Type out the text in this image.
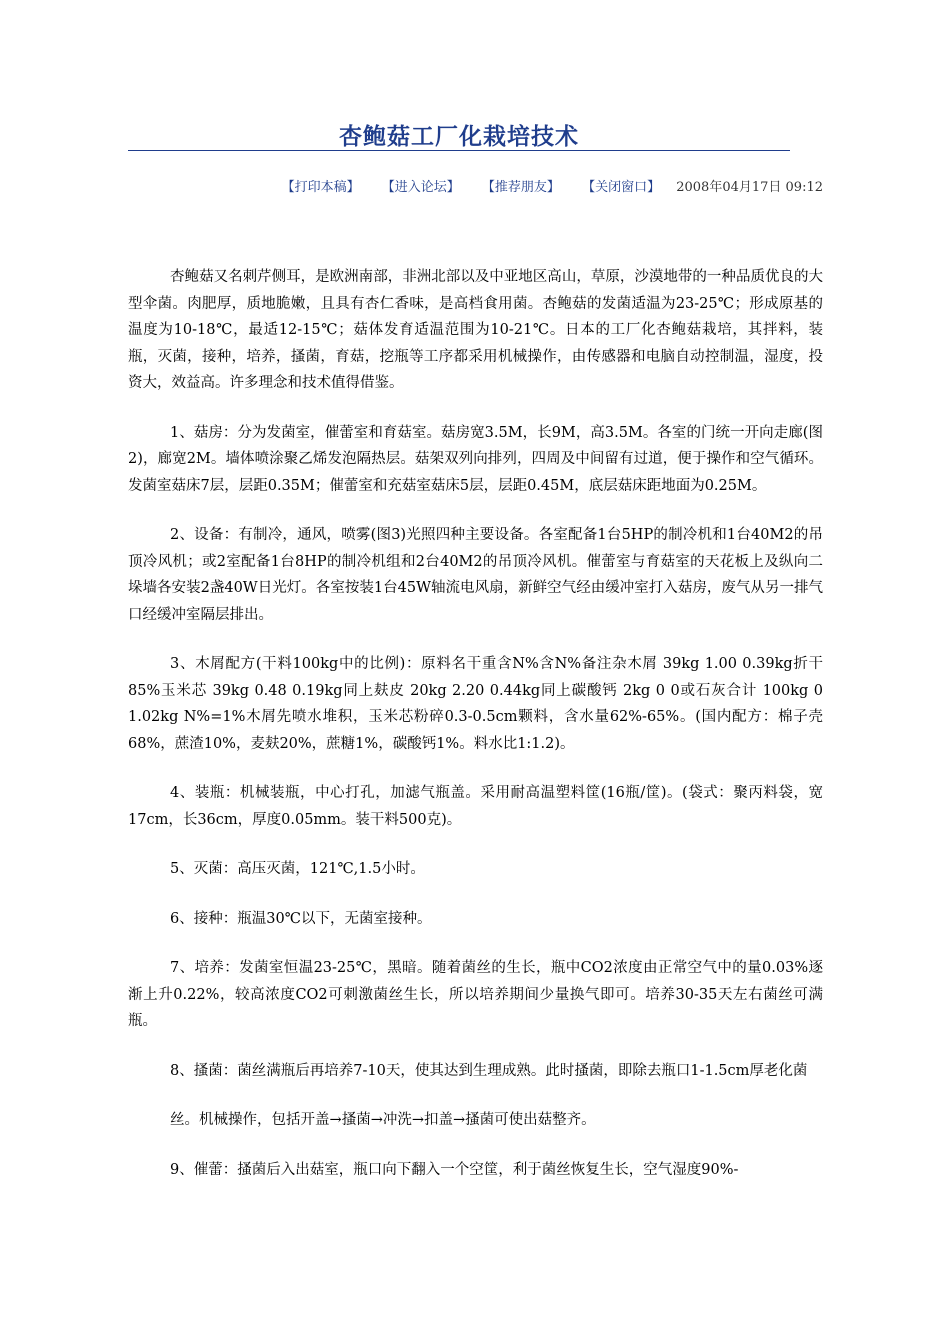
杏鲍菇工厂化栽培技术
【打印本稿】 【进入论坛】 【推荐朋友】 【关闭窗口】 2008年04月17日 09:12

杏鲍菇又名刺芹侧耳，是欧洲南部，非洲北部以及中亚地区高山，草原，沙漠地带的一种品质优良的大型伞菌。肉肥厚，质地脆嫩，且具有杏仁香味，是高档食用菌。杏鲍菇的发菌适温为23-25℃；形成原基的温度为10-18℃，最适12-15℃；菇体发育适温范围为10-21℃。日本的工厂化杏鲍菇栽培，其拌料，装瓶，灭菌，接种，培养，搔菌，育菇，挖瓶等工序都采用机械操作，由传感器和电脑自动控制温，湿度，投资大，效益高。许多理念和技术值得借鉴。

1、菇房：分为发菌室，催蕾室和育菇室。菇房宽3.5M，长9M，高3.5M。各室的门统一开向走廊(图2)，廊宽2M。墙体喷涂聚乙烯发泡隔热层。菇架双列向排列，四周及中间留有过道，便于操作和空气循环。发菌室菇床7层，层距0.35M；催蕾室和充菇室菇床5层，层距0.45M，底层菇床距地面为0.25M。

2、设备：有制冷，通风，喷雾(图3)光照四种主要设备。各室配备1台5HP的制冷机和1台40M2的吊顶冷风机；或2室配备1台8HP的制冷机组和2台40M2的吊顶冷风机。催蕾室与育菇室的天花板上及纵向二垛墙各安装2盏40W日光灯。各室按装1台45W轴流电风扇，新鲜空气经由缓冲室打入菇房，废气从另一排气口经缓冲室隔层排出。

3、木屑配方(干料100kg中的比例)：原料名干重含N%含N%备注杂木屑 39kg 1.00 0.39kg折干85%玉米芯 39kg 0.48 0.19kg同上麸皮 20kg 2.20 0.44kg同上碳酸钙 2kg 0 0或石灰合计 100kg 0 1.02kg N%=1%木屑先喷水堆积，玉米芯粉碎0.3-0.5cm颗料，含水量62%-65%。(国内配方：棉子壳68%，蔗渣10%，麦麸20%，蔗糖1%，碳酸钙1%。料水比1:1.2)。

4、装瓶：机械装瓶，中心打孔，加滤气瓶盖。采用耐高温塑料筐(16瓶/筐)。(袋式：聚丙料袋，宽17cm，长36cm，厚度0.05mm。装干料500克)。

5、灭菌：高压灭菌，121℃,1.5小时。

6、接种：瓶温30℃以下，无菌室接种。

7、培养：发菌室恒温23-25℃，黑暗。随着菌丝的生长，瓶中CO2浓度由正常空气中的量0.03%逐渐上升0.22%，较高浓度CO2可刺激菌丝生长，所以培养期间少量换气即可。培养30-35天左右菌丝可满瓶。

8、搔菌：菌丝满瓶后再培养7-10天，使其达到生理成熟。此时搔菌，即除去瓶口1-1.5cm厚老化菌

丝。机械操作，包括开盖→搔菌→冲洗→扣盖→搔菌可使出菇整齐。

9、催蕾：搔菌后入出菇室，瓶口向下翻入一个空筐，利于菌丝恢复生长，空气湿度90%-
